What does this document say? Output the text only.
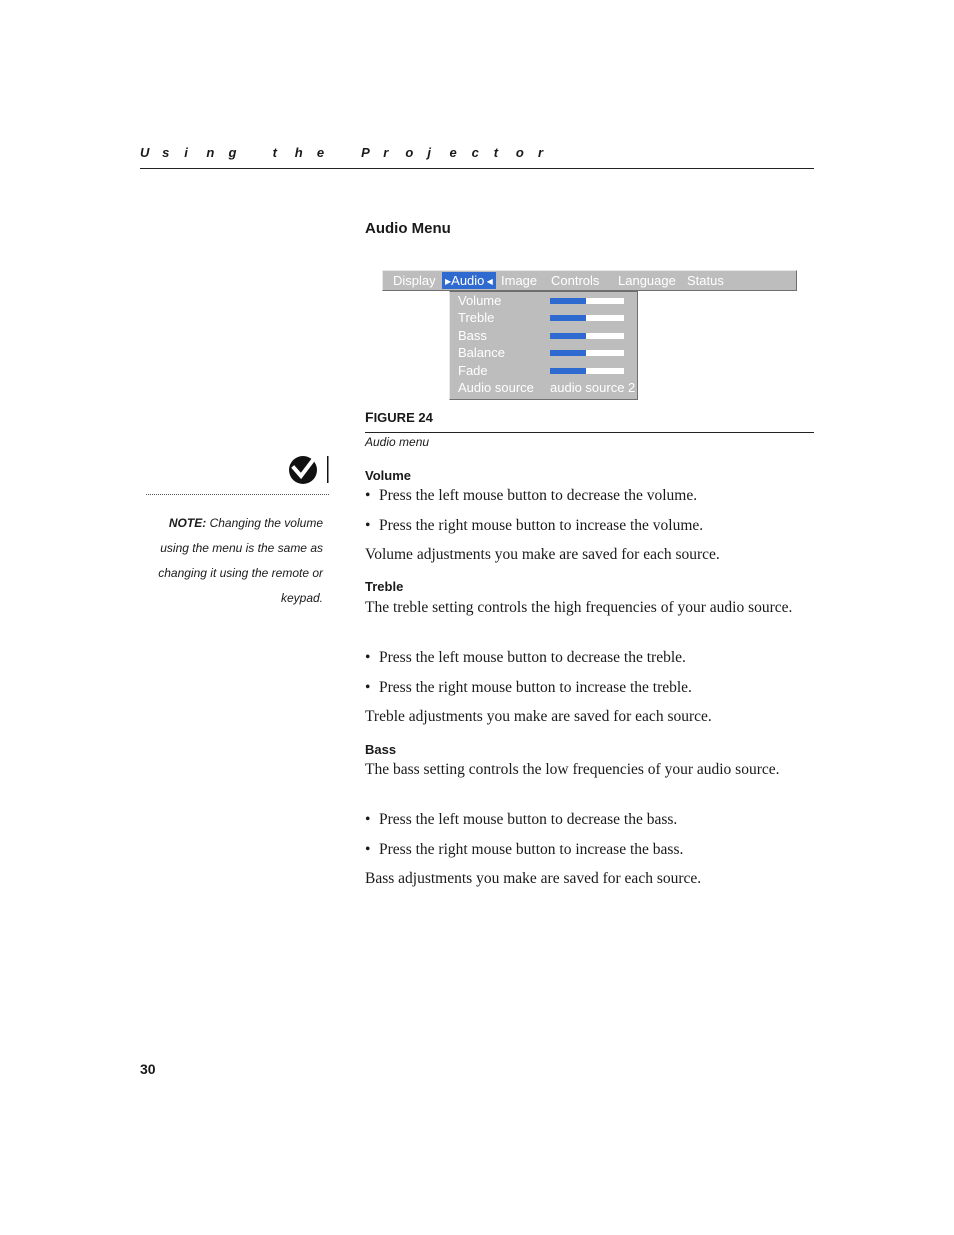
U s	i	n	g	t	h	e	P	r	o	j	e	c	t	o	r
Audio Menu
Display	▶Audio ◀ Image Controls Language Status
Volume
Treble
Bass
Balance
Fade
Audio source audio source 2
FIGURE 24
Audio menu
NOTE: Changing the volume
using the menu is the same as
changing it using the remote or
keypad.
Volume
• Press the left mouse button to decrease the volume.
• Press the right mouse button to increase the volume.
Volume adjustments you make are saved for each source.
Treble
The treble setting controls the high frequencies of your audio source.
• Press the left mouse button to decrease the treble.
• Press the right mouse button to increase the treble.
Treble adjustments you make are saved for each source.
Bass
The bass setting controls the low frequencies of your audio source.
• Press the left mouse button to decrease the bass.
• Press the right mouse button to increase the bass.
Bass adjustments you make are saved for each source.
30
